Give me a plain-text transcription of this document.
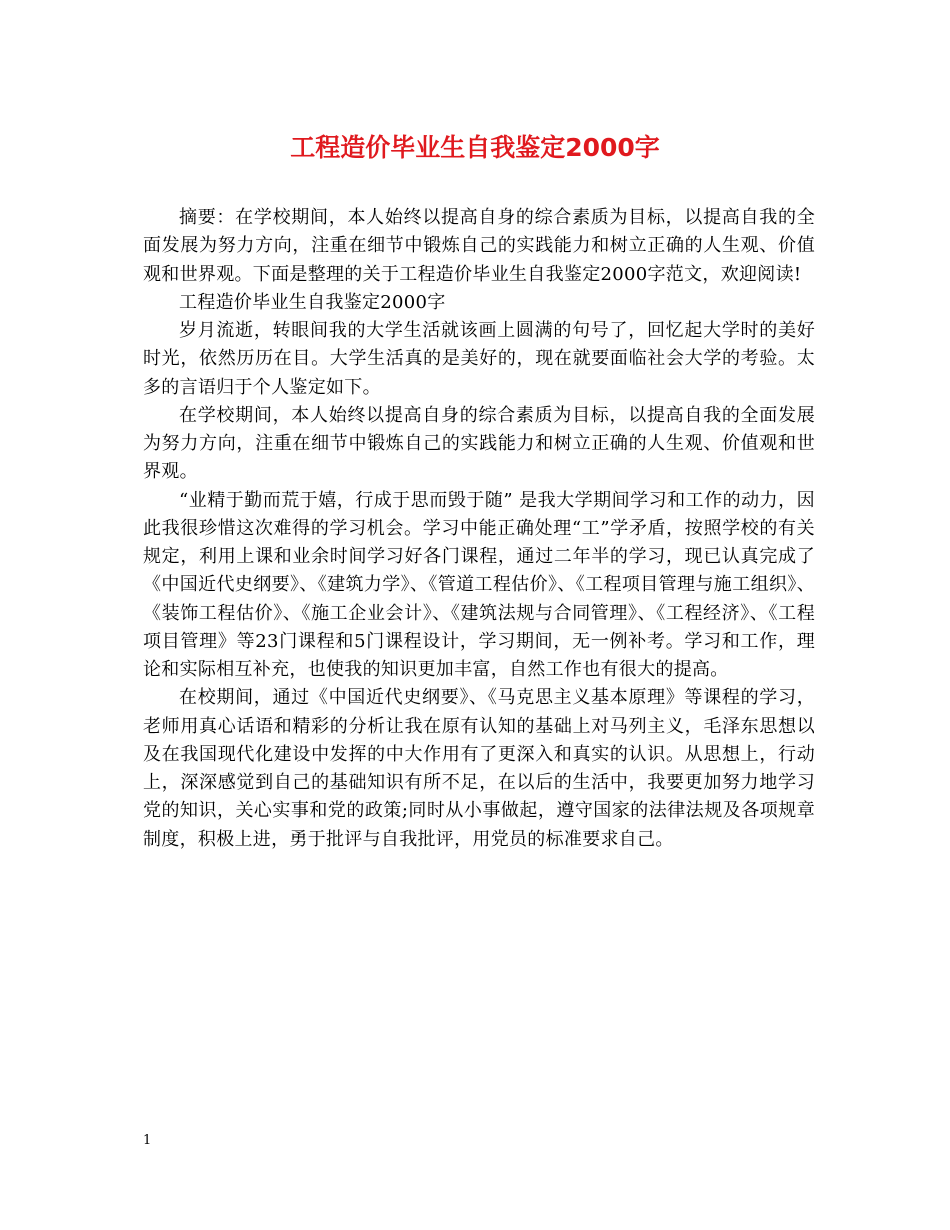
工程造价毕业生自我鉴定2000字

摘要：在学校期间，本人始终以提高自身的综合素质为目标，以提高自我的全面发展为努力方向，注重在细节中锻炼自己的实践能力和树立正确的人生观、价值观和世界观。下面是整理的关于工程造价毕业生自我鉴定2000字范文，欢迎阅读!

工程造价毕业生自我鉴定2000字

岁月流逝，转眼间我的大学生活就该画上圆满的句号了，回忆起大学时的美好时光，依然历历在目。大学生活真的是美好的，现在就要面临社会大学的考验。太多的言语归于个人鉴定如下。

在学校期间，本人始终以提高自身的综合素质为目标，以提高自我的全面发展为努力方向，注重在细节中锻炼自己的实践能力和树立正确的人生观、价值观和世界观。

“业精于勤而荒于嬉，行成于思而毁于随” 是我大学期间学习和工作的动力，因此我很珍惜这次难得的学习机会。学习中能正确处理“工”学矛盾，按照学校的有关规定，利用上课和业余时间学习好各门课程，通过二年半的学习，现已认真完成了《中国近代史纲要》、《建筑力学》、《管道工程估价》、《工程项目管理与施工组织》、《装饰工程估价》、《施工企业会计》、《建筑法规与合同管理》、《工程经济》、《工程项目管理》等23门课程和5门课程设计，学习期间，无一例补考。学习和工作，理论和实际相互补充，也使我的知识更加丰富，自然工作也有很大的提高。

在校期间，通过《中国近代史纲要》、《马克思主义基本原理》等课程的学习，老师用真心话语和精彩的分析让我在原有认知的基础上对马列主义，毛泽东思想以及在我国现代化建设中发挥的中大作用有了更深入和真实的认识。从思想上，行动上，深深感觉到自己的基础知识有所不足，在以后的生活中，我要更加努力地学习党的知识，关心实事和党的政策;同时从小事做起，遵守国家的法律法规及各项规章制度，积极上进，勇于批评与自我批评，用党员的标准要求自己。

1
